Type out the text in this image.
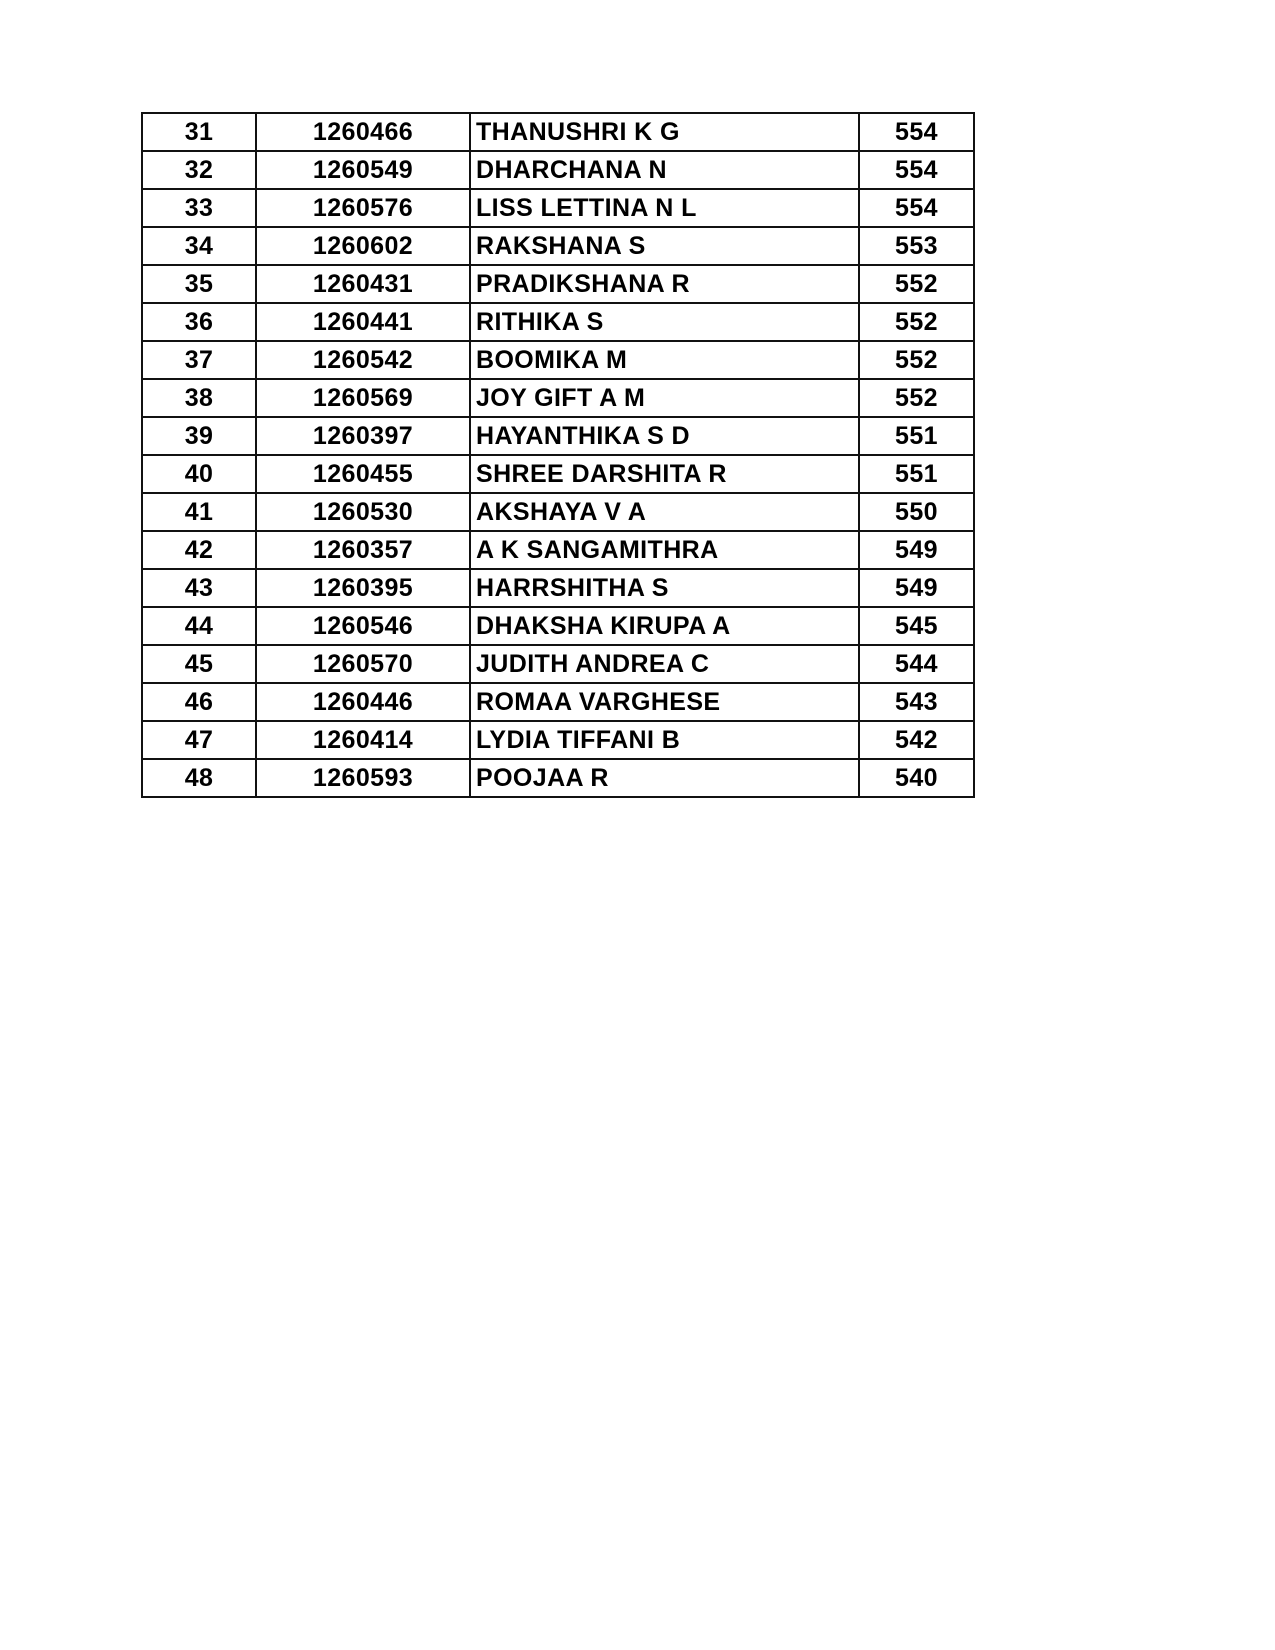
31	1260466	THANUSHRI K G	554
32	1260549	DHARCHANA N	554
33	1260576	LISS LETTINA N L	554
34	1260602	RAKSHANA S	553
35	1260431	PRADIKSHANA R	552
36	1260441	RITHIKA S	552
37	1260542	BOOMIKA M	552
38	1260569	JOY GIFT A M	552
39	1260397	HAYANTHIKA S D	551
40	1260455	SHREE DARSHITA R	551
41	1260530	AKSHAYA V A	550
42	1260357	A K SANGAMITHRA	549
43	1260395	HARRSHITHA S	549
44	1260546	DHAKSHA KIRUPA A	545
45	1260570	JUDITH ANDREA C	544
46	1260446	ROMAA VARGHESE	543
47	1260414	LYDIA TIFFANI B	542
48	1260593	POOJAA R	540
